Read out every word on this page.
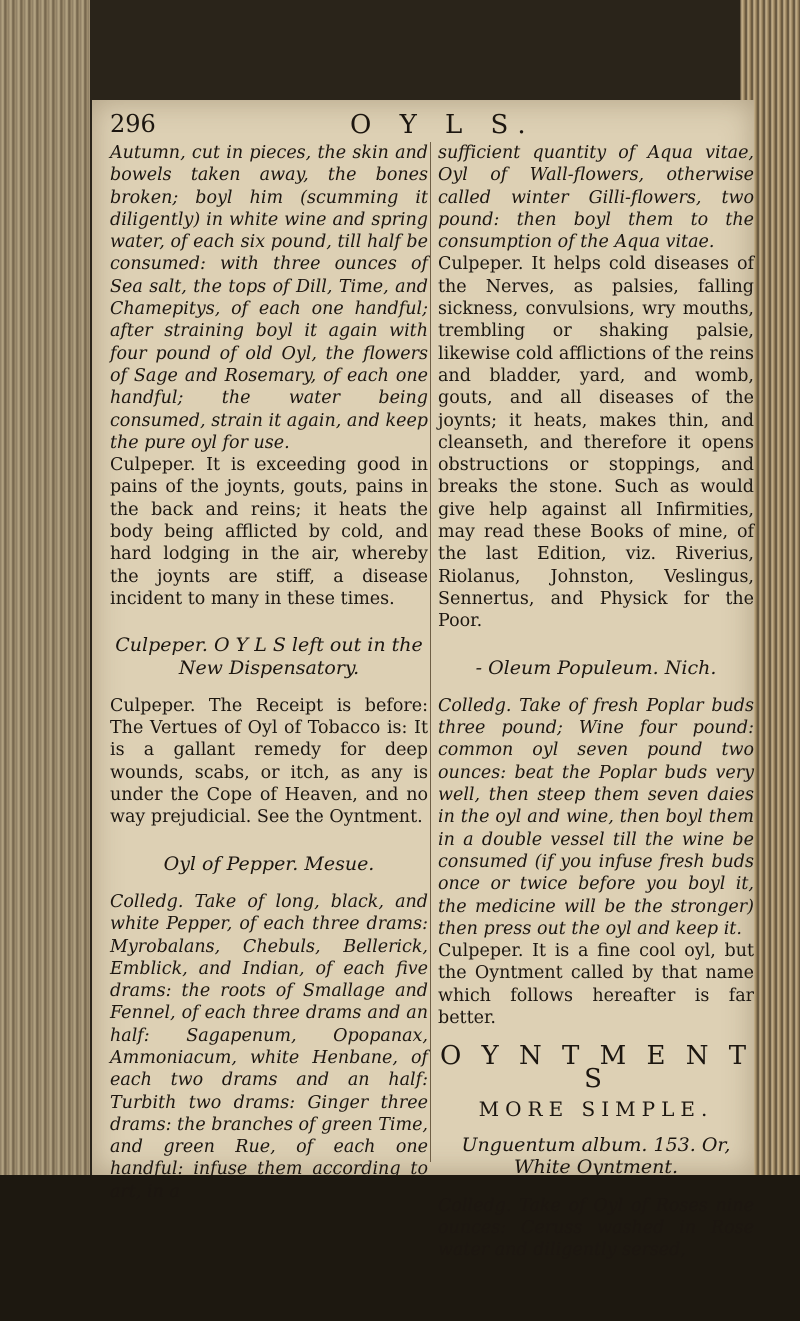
296	O Y L S.

Autumn, cut in pieces, the skin and bowels taken away, the bones broken; boyl him (scumming it diligently) in white wine and spring water, of each six pound, till half be consumed: with three ounces of Sea salt, the tops of Dill, Time, and Chamepitys, of each one handful; after straining boyl it again with four pound of old Oyl, the flowers of Sage and Rosemary, of each one handful; the water being consumed, strain it again, and keep the pure oyl for use.

Culpeper. It is exceeding good in pains of the joynts, gouts, pains in the back and reins; it heats the body being afflicted by cold, and hard lodging in the air, whereby the joynts are stiff, a disease incident to many in these times.

Culpeper. O Y L S left out in the New Dispensatory.

Culpeper. The Receipt is before: The Vertues of Oyl of Tobacco is: It is a gallant remedy for deep wounds, scabs, or itch, as any is under the Cope of Heaven, and no way prejudicial. See the Oyntment.

Oyl of Pepper. Mesue.

Colledg. Take of long, black, and white Pepper, of each three drams: Myrobalans, Chebuls, Bellerick, Emblick, and Indian, of each five drams: the roots of Smallage and Fennel, of each three drams and an half: Sagapenum, Opopanax, Ammoniacum, white Henbane, of each two drams and an half: Turbith two drams: Ginger three drams: the branches of green Time, and green Rue, of each one handful: infuse them according to art, in a

sufficient quantity of Aqua vitae, Oyl of Wall-flowers, otherwise called winter Gilli-flowers, two pound: then boyl them to the consumption of the Aqua vitae.

Culpeper. It helps cold diseases of the Nerves, as palsies, falling sickness, convulsions, wry mouths, trembling or shaking palsie, likewise cold afflictions of the reins and bladder, yard, and womb, gouts, and all diseases of the joynts; it heats, makes thin, and cleanseth, and therefore it opens obstructions or stoppings, and breaks the stone. Such as would give help against all Infirmities, may read these Books of mine, of the last Edition, viz. Riverius, Riolanus, Johnston, Veslingus, Sennertus, and Physick for the Poor.

- Oleum Populeum. Nich.

Colledg. Take of fresh Poplar buds three pound; Wine four pound: common oyl seven pound two ounces: beat the Poplar buds very well, then steep them seven daies in the oyl and wine, then boyl them in a double vessel till the wine be consumed (if you infuse fresh buds once or twice before you boyl it, the medicine will be the stronger) then press out the oyl and keep it.

Culpeper. It is a fine cool oyl, but the Oyntment called by that name which follows hereafter is far better.

O Y N T M E N T S

MORE SIMPLE.

Unguentum album. 153. Or, White Oyntment.

Colledg. Take of Oyl of Roses nine ounces: Ceruss washed in Rose water and diligently sersed,
